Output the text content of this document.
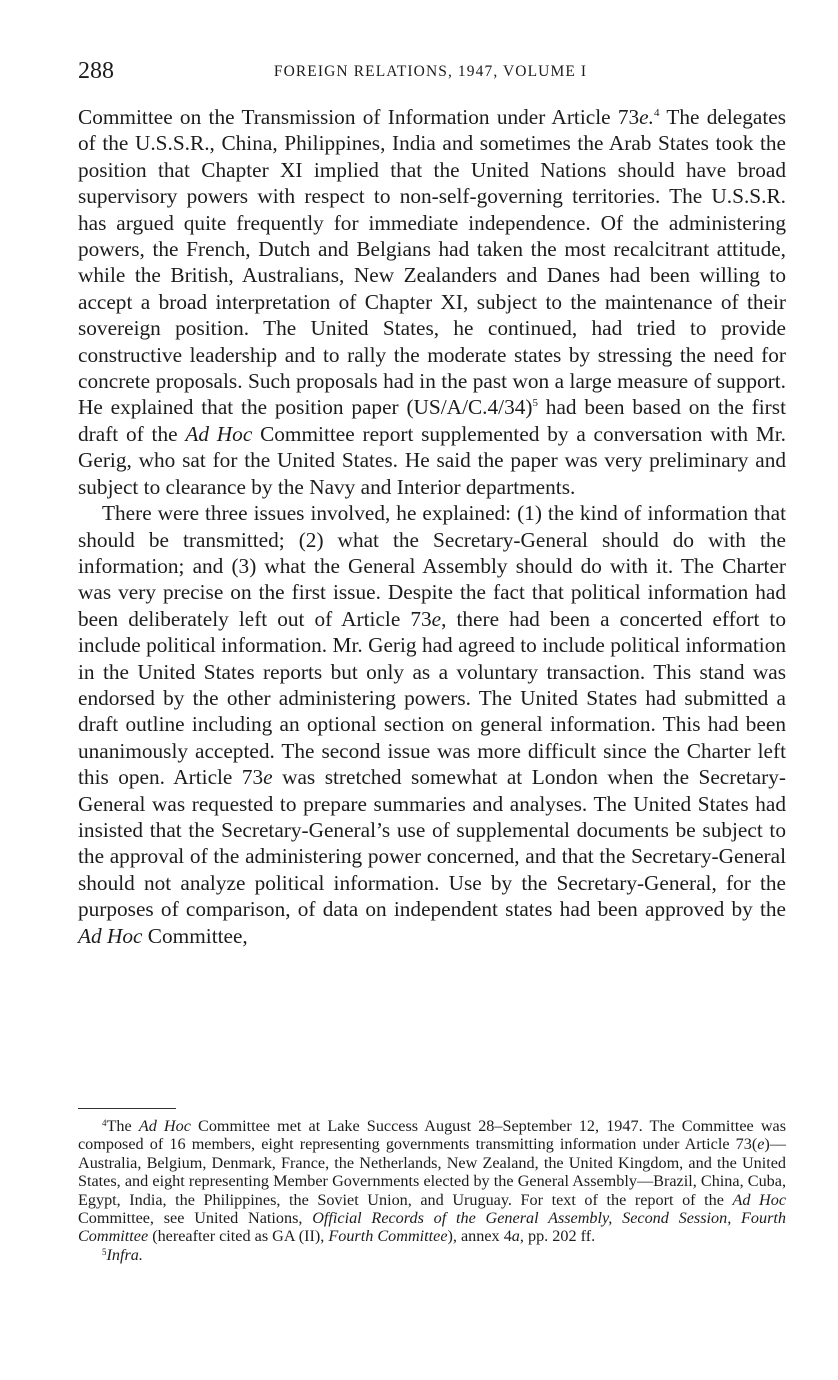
288	FOREIGN RELATIONS, 1947, VOLUME I

Committee on the Transmission of Information under Article 73e.$^4$ The delegates of the U.S.S.R., China, Philippines, India and sometimes the Arab States took the position that Chapter XI implied that the United Nations should have broad supervisory powers with respect to non-self-governing territories. The U.S.S.R. has argued quite frequently for immediate independence. Of the administering powers, the French, Dutch and Belgians had taken the most recalcitrant attitude, while the British, Australians, New Zealanders and Danes had been willing to accept a broad interpretation of Chapter XI, subject to the maintenance of their sovereign position. The United States, he continued, had tried to provide constructive leadership and to rally the moderate states by stressing the need for concrete proposals. Such proposals had in the past won a large measure of support. He explained that the position paper $(US/A/C.4/34)^5$ had been based on the first draft of the Ad Hoc Committee report supplemented by a conversation with Mr. Gerig, who sat for the United States. He said the paper was very preliminary and subject to clearance by the Navy and Interior departments.

There were three issues involved, he explained: (1) the kind of information that should be transmitted; (2) what the Secretary-General should do with the information; and (3) what the General Assembly should do with it. The Charter was very precise on the first issue. Despite the fact that political information had been deliberately left out of Article 73e, there had been a concerted effort to include political information. Mr. Gerig had agreed to include political information in the United States reports but only as a voluntary transaction. This stand was endorsed by the other administering powers. The United States had submitted a draft outline including an optional section on general information. This had been unanimously accepted. The second issue was more difficult since the Charter left this open. Article 73e was stretched somewhat at London when the Secretary-General was requested to prepare summaries and analyses. The United States had insisted that the Secretary-General’s use of supplemental documents be subject to the approval of the administering power concerned, and that the Secretary-General should not analyze political information. Use by the Secretary-General, for the purposes of comparison, of data on independent states had been approved by the Ad Hoc Committee,

$^4$The Ad Hoc Committee met at Lake Success August 28–September 12, 1947. The Committee was composed of 16 members, eight representing governments transmitting information under Article 73(e)—Australia, Belgium, Denmark, France, the Netherlands, New Zealand, the United Kingdom, and the United States, and eight representing Member Governments elected by the General Assembly—Brazil, China, Cuba, Egypt, India, the Philippines, the Soviet Union, and Uruguay. For text of the report of the Ad Hoc Committee, see United Nations, Official Records of the General Assembly, Second Session, Fourth Committee (hereafter cited as GA (II), Fourth Committee), annex 4a, pp. 202 ff.

$^5$Infra.
